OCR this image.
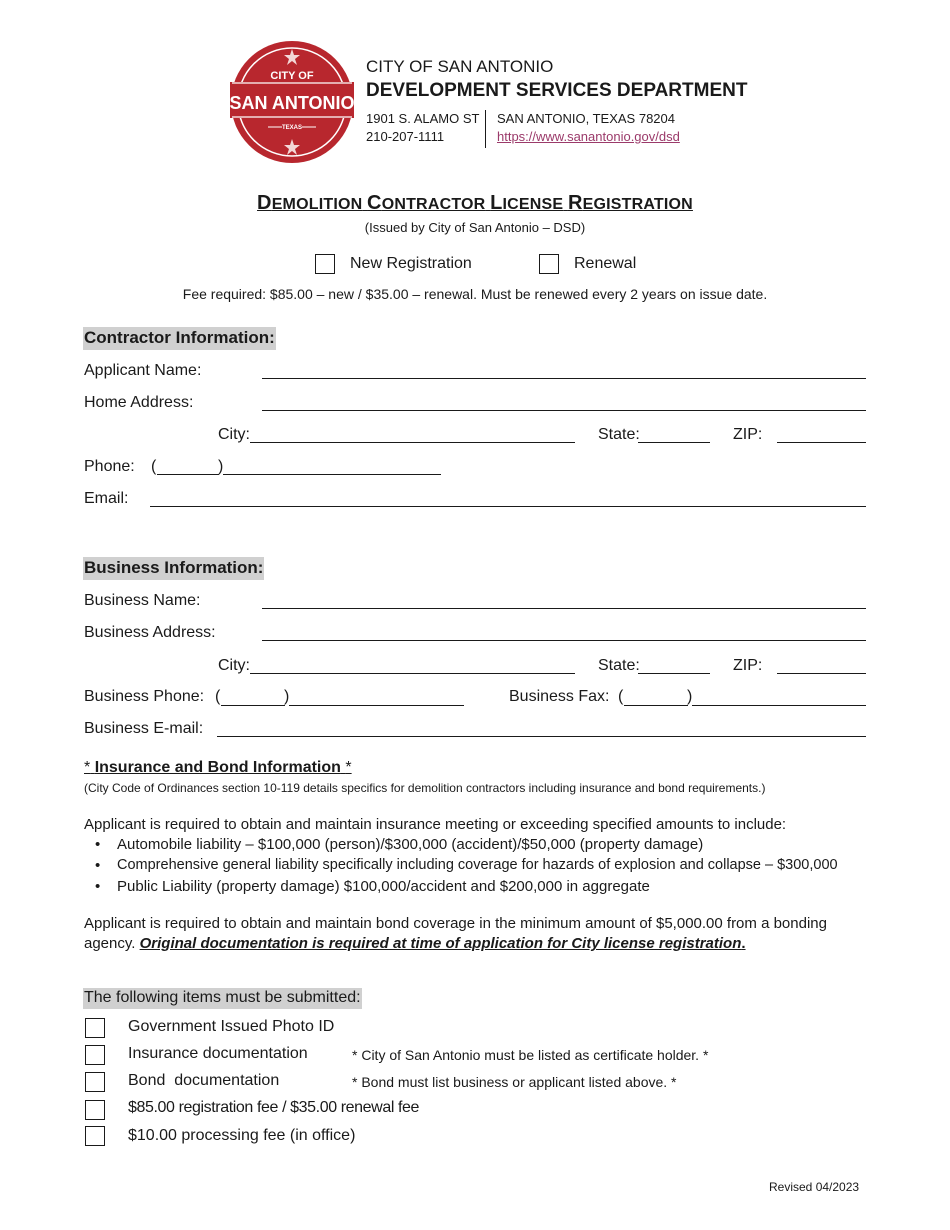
CITY OF
SAN ANTONIO
TEXAS
CITY OF SAN ANTONIO
DEVELOPMENT SERVICES DEPARTMENT
1901 S. ALAMO ST
210-207-1111
SAN ANTONIO, TEXAS 78204
https://www.sanantonio.gov/dsd
DEMOLITION CONTRACTOR LICENSE REGISTRATION
(Issued by City of San Antonio – DSD)
New Registration	Renewal
Fee required: $85.00 – new / $35.00 – renewal. Must be renewed every 2 years on issue date.
Contractor Information:
Applicant Name:
Home Address:
City:	State:	ZIP:
Phone: (	)
Email:
Business Information:
Business Name:
Business Address:
City:	State:	ZIP:
Business Phone: (	)	Business Fax: (	)
Business E-mail:
* Insurance and Bond Information *
(City Code of Ordinances section 10-119 details specifics for demolition contractors including insurance and bond requirements.)
Applicant is required to obtain and maintain insurance meeting or exceeding specified amounts to include:
• Automobile liability – $100,000 (person)/$300,000 (accident)/$50,000 (property damage)
• Comprehensive general liability specifically including coverage for hazards of explosion and collapse – $300,000
• Public Liability (property damage) $100,000/accident and $200,000 in aggregate
Applicant is required to obtain and maintain bond coverage in the minimum amount of $5,000.00 from a bonding
agency. Original documentation is required at time of application for City license registration.
The following items must be submitted:
Government Issued Photo ID
Insurance documentation	* City of San Antonio must be listed as certificate holder. *
Bond  documentation	* Bond must list business or applicant listed above. *
$85.00 registration fee / $35.00 renewal fee
$10.00 processing fee (in office)
Revised 04/2023
